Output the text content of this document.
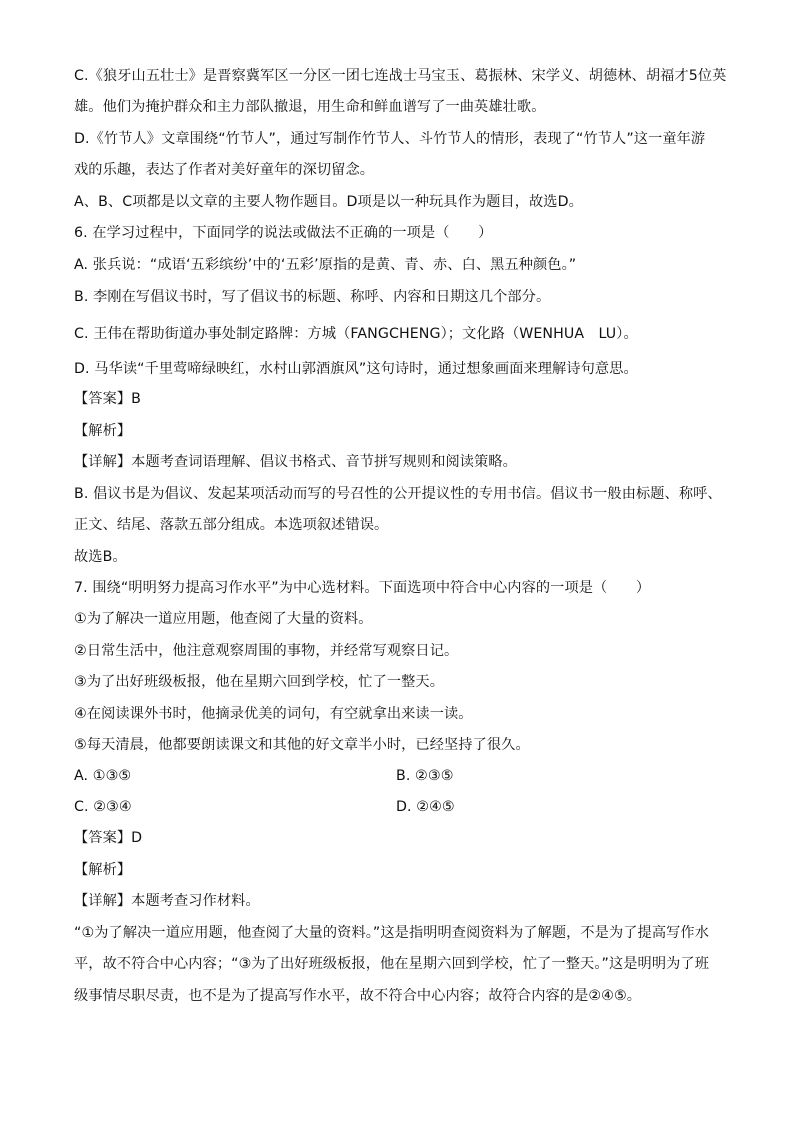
C.《狼牙山五壮士》是晋察冀军区一分区一团七连战士马宝玉、葛振林、宋学义、胡德林、胡福才5位英
雄。他们为掩护群众和主力部队撤退，用生命和鲜血谱写了一曲英雄壮歌。
D.《竹节人》文章围绕“竹节人”，通过写制作竹节人、斗竹节人的情形，表现了“竹节人”这一童年游
戏的乐趣，表达了作者对美好童年的深切留念。
A、B、C项都是以文章的主要人物作题目。D项是以一种玩具作为题目，故选D。
6. 在学习过程中，下面同学的说法或做法不正确的一项是（　　）
A. 张兵说：“成语‘五彩缤纷’中的‘五彩’原指的是黄、青、赤、白、黑五种颜色。”
B. 李刚在写倡议书时，写了倡议书的标题、称呼、内容和日期这几个部分。
C. 王伟在帮助街道办事处制定路牌：方城（FANGCHENG）；文化路（WENHUA　LU）。
D. 马华读“千里莺啼绿映红，水村山郭酒旗风”这句诗时，通过想象画面来理解诗句意思。
【答案】B
【解析】
【详解】本题考查词语理解、倡议书格式、音节拼写规则和阅读策略。
B. 倡议书是为倡议、发起某项活动而写的号召性的公开提议性的专用书信。倡议书一般由标题、称呼、
正文、结尾、落款五部分组成。本选项叙述错误。
故选B。
7. 围绕“明明努力提高习作水平”为中心选材料。下面选项中符合中心内容的一项是（　　）
①为了解决一道应用题，他查阅了大量的资料。
②日常生活中，他注意观察周围的事物，并经常写观察日记。
③为了出好班级板报，他在星期六回到学校，忙了一整天。
④在阅读课外书时，他摘录优美的词句，有空就拿出来读一读。
⑤每天清晨，他都要朗读课文和其他的好文章半小时，已经坚持了很久。
A. ①③⑤	B. ②③⑤
C. ②③④	D. ②④⑤
【答案】D
【解析】
【详解】本题考查习作材料。
“①为了解决一道应用题，他查阅了大量的资料。”这是指明明查阅资料为了解题，不是为了提高写作水
平，故不符合中心内容；“③为了出好班级板报，他在星期六回到学校，忙了一整天。”这是明明为了班
级事情尽职尽责，也不是为了提高写作水平，故不符合中心内容；故符合内容的是②④⑤。
